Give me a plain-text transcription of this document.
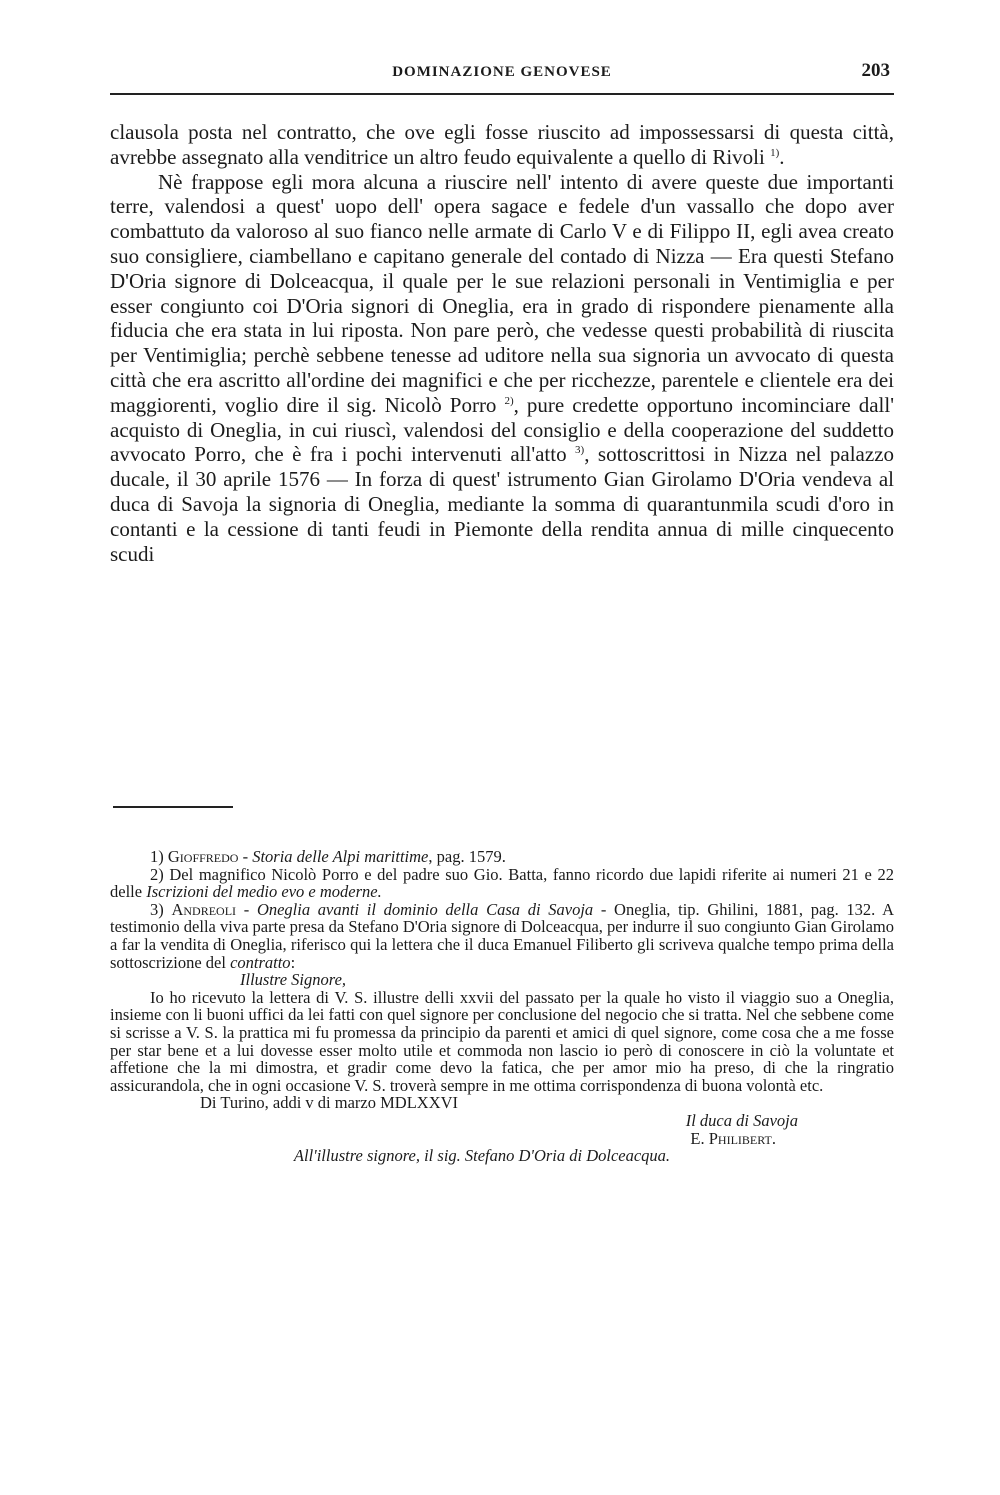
DOMINAZIONE GENOVESE	203

clausola posta nel contratto, che ove egli fosse riuscito ad impossessarsi di questa città, avrebbe assegnato alla venditrice un altro feudo equivalente a quello di Rivoli $^{1)}$.

Nè frappose egli mora alcuna a riuscire nell' intento di avere queste due importanti terre, valendosi a quest' uopo dell' opera sagace e fedele d'un vassallo che dopo aver combattuto da valoroso al suo fianco nelle armate di Carlo V e di Filippo II, egli avea creato suo consigliere, ciambellano e capitano generale del contado di Nizza — Era questi Stefano D'Oria signore di Dolceacqua, il quale per le sue relazioni personali in Ventimiglia e per esser congiunto coi D'Oria signori di Oneglia, era in grado di rispondere pienamente alla fiducia che era stata in lui riposta. Non pare però, che vedesse questi probabilità di riuscita per Ventimiglia; perchè sebbene tenesse ad uditore nella sua signoria un avvocato di questa città che era ascritto all'ordine dei magnifici e che per ricchezze, parentele e clientele era dei maggiorenti, voglio dire il sig. Nicolò Porro $^{2)}$, pure credette opportuno incominciare dall' acquisto di Oneglia, in cui riuscì, valendosi del consiglio e della cooperazione del suddetto avvocato Porro, che è fra i pochi intervenuti all'atto $^{3)}$, sottoscrittosi in Nizza nel palazzo ducale, il 30 aprile 1576 — In forza di quest' istrumento Gian Girolamo D'Oria vendeva al duca di Savoja la signoria di Oneglia, mediante la somma di quarantunmila scudi d'oro in contanti e la cessione di tanti feudi in Piemonte della rendita annua di mille cinquecento scudi

1) Gioffredo - Storia delle Alpi marittime, pag. 1579.

2) Del magnifico Nicolò Porro e del padre suo Gio. Batta, fanno ricordo due lapidi riferite ai numeri 21 e 22 delle Iscrizioni del medio evo e moderne.

3) Andreoli - Oneglia avanti il dominio della Casa di Savoja - Oneglia, tip. Ghilini, 1881, pag. 132. A testimonio della viva parte presa da Stefano D'Oria signore di Dolceacqua, per indurre il suo congiunto Gian Girolamo a far la vendita di Oneglia, riferisco qui la lettera che il duca Emanuel Filiberto gli scriveva qualche tempo prima della sottoscrizione del contratto:

Illustre Signore,

Io ho ricevuto la lettera di V. S. illustre delli xxvii del passato per la quale ho visto il viaggio suo a Oneglia, insieme con li buoni uffici da lei fatti con quel signore per conclusione del negocio che si tratta. Nel che sebbene come si scrisse a V. S. la prattica mi fu promessa da principio da parenti et amici di quel signore, come cosa che a me fosse per star bene et a lui dovesse esser molto utile et commoda non lascio io però di conoscere in ciò la voluntate et affetione che la mi dimostra, et gradir come devo la fatica, che per amor mio ha preso, di che la ringratio assicurandola, che in ogni occasione V. S. troverà sempre in me ottima corrispondenza di buona volontà etc.

Di Turino, addi v di marzo MDLXXVI

Il duca di Savoja

E. Philibert.

All'illustre signore, il sig. Stefano D'Oria di Dolceacqua.
